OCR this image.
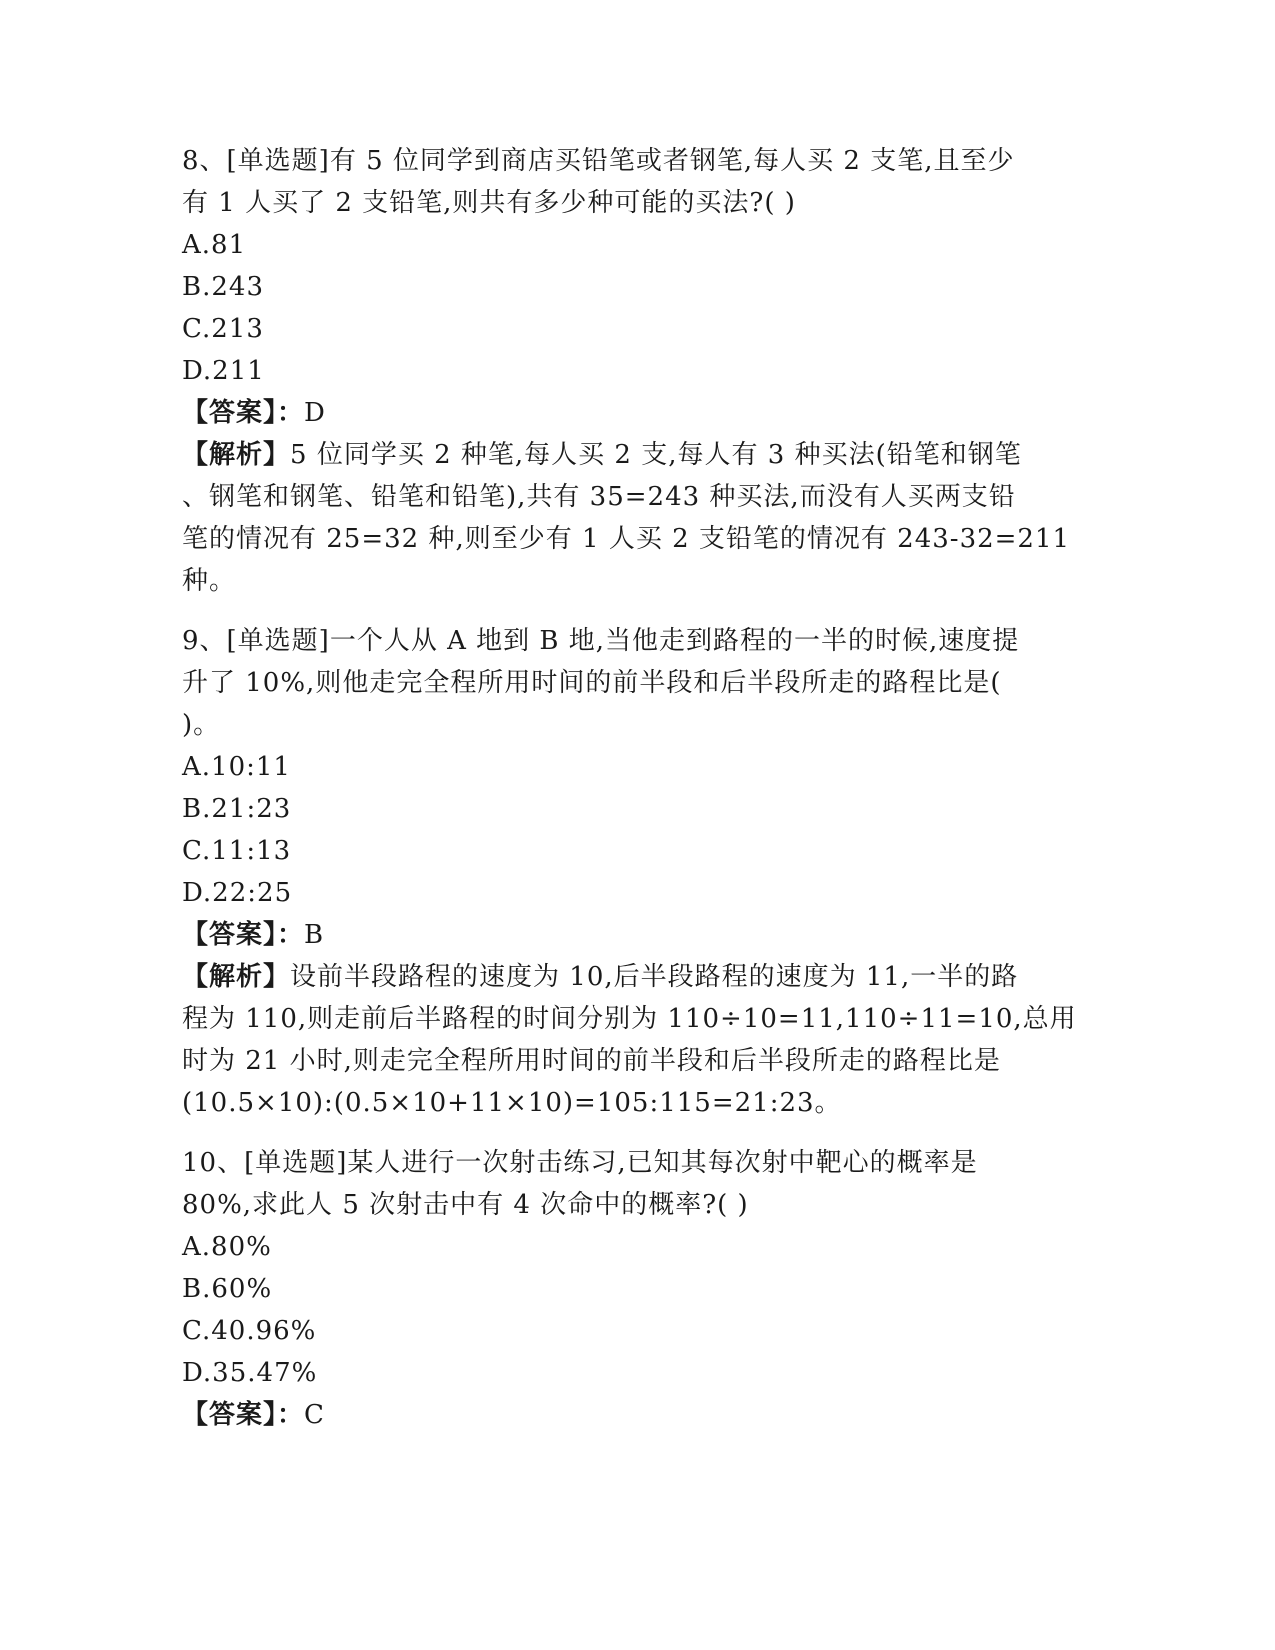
8、[单选题]有 5 位同学到商店买铅笔或者钢笔,每人买 2 支笔,且至少
有 1 人买了 2 支铅笔,则共有多少种可能的买法?( )
A.81
B.243
C.213
D.211
【答案】：D
【解析】5 位同学买 2 种笔,每人买 2 支,每人有 3 种买法(铅笔和钢笔
、钢笔和钢笔、铅笔和铅笔),共有 35=243 种买法,而没有人买两支铅
笔的情况有 25=32 种,则至少有 1 人买 2 支铅笔的情况有 243-32=211
种。
9、[单选题]一个人从 A 地到 B 地,当他走到路程的一半的时候,速度提
升了 10%,则他走完全程所用时间的前半段和后半段所走的路程比是(
)。
A.10:11
B.21:23
C.11:13
D.22:25
【答案】：B
【解析】设前半段路程的速度为 10,后半段路程的速度为 11,一半的路
程为 110,则走前后半路程的时间分别为 110÷10=11,110÷11=10,总用
时为 21 小时,则走完全程所用时间的前半段和后半段所走的路程比是
(10.5×10):(0.5×10+11×10)=105:115=21:23。
10、[单选题]某人进行一次射击练习,已知其每次射中靶心的概率是
80%,求此人 5 次射击中有 4 次命中的概率?( )
A.80%
B.60%
C.40.96%
D.35.47%
【答案】：C
